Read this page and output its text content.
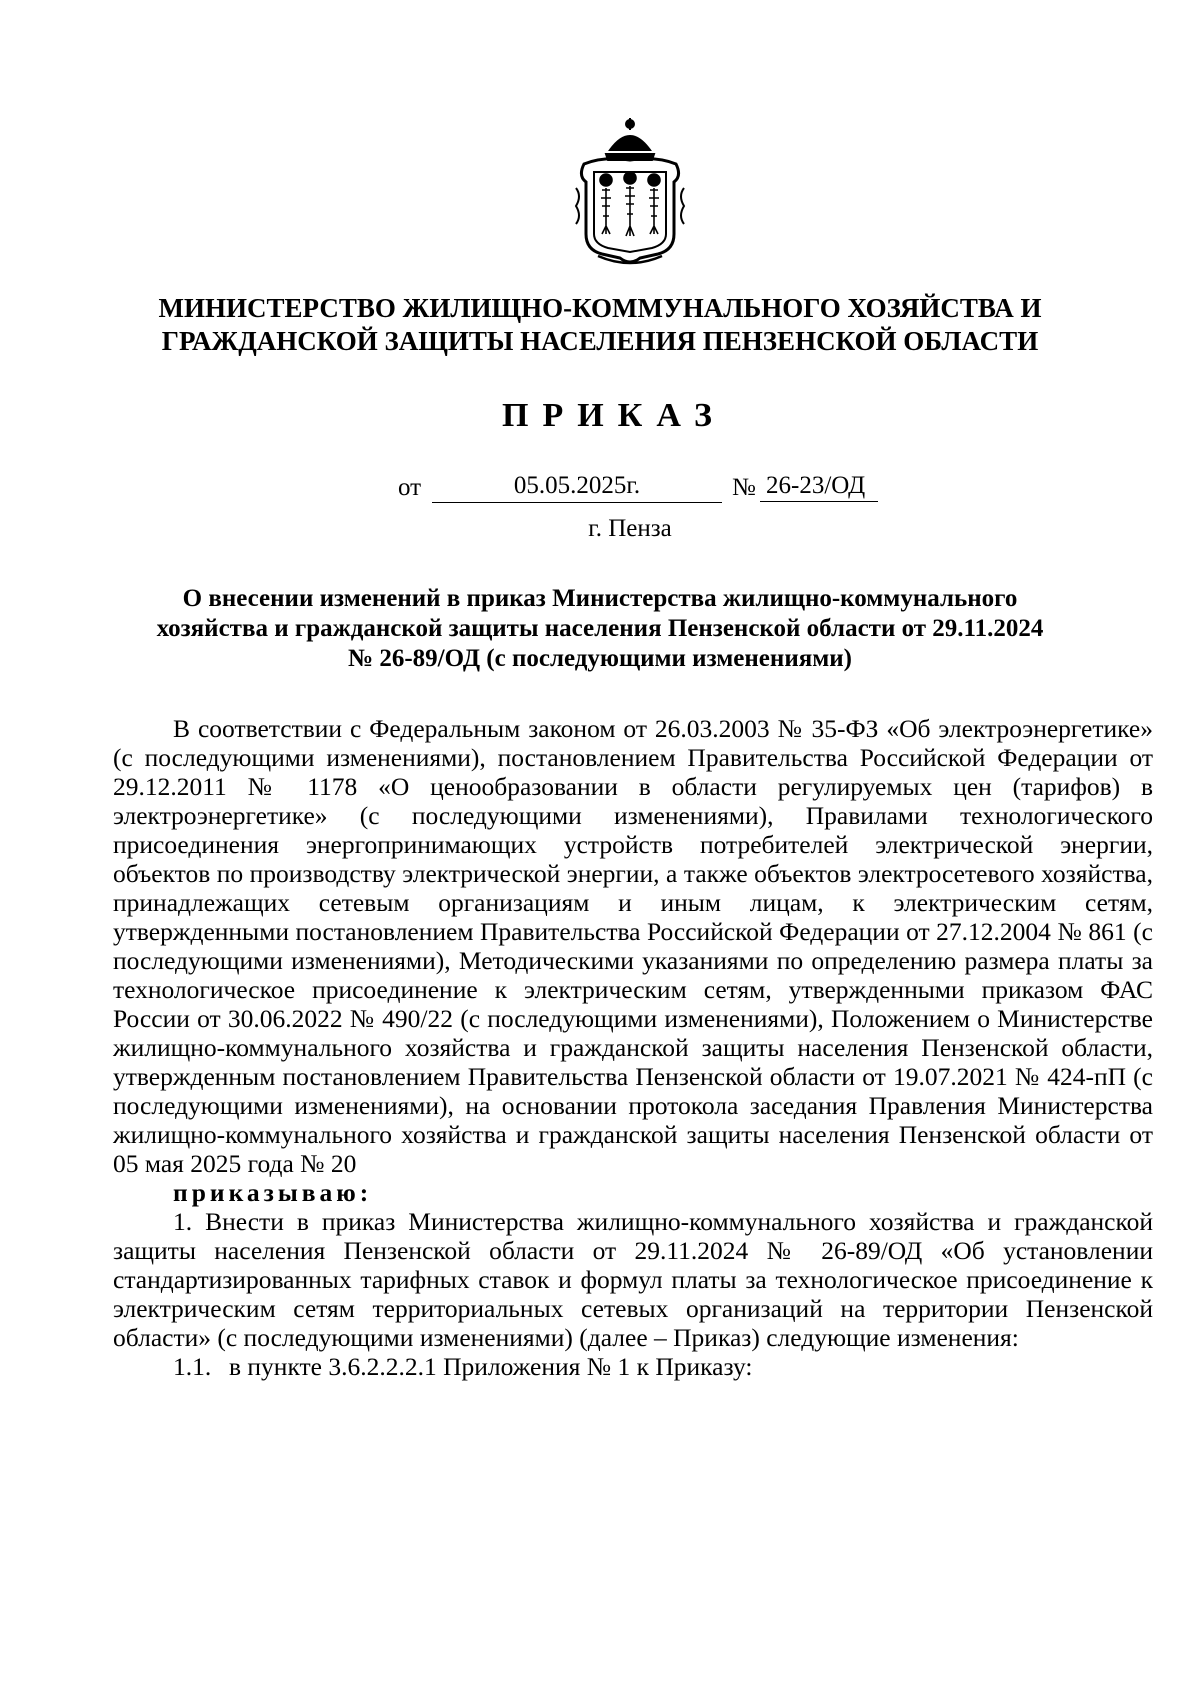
МИНИСТЕРСТВО ЖИЛИЩНО-КОММУНАЛЬНОГО ХОЗЯЙСТВА И
ГРАЖДАНСКОЙ ЗАЩИТЫ НАСЕЛЕНИЯ ПЕНЗЕНСКОЙ ОБЛАСТИ
ПРИКАЗ
от	05.05.2025г.	№ 26-23/ОД
г. Пенза
О внесении изменений в приказ Министерства жилищно-коммунального
хозяйства и гражданской защиты населения Пензенской области от 29.11.2024
№ 26-89/ОД (с последующими изменениями)

В соответствии с Федеральным законом от 26.03.2003 № 35-ФЗ «Об электроэнергетике» (с последующими изменениями), постановлением Правительства Российской Федерации от 29.12.2011 № 1178 «О ценообразовании в области регулируемых цен (тарифов) в электроэнергетике» (с последующими изменениями), Правилами технологического присоединения энергопринимающих устройств потребителей электрической энергии, объектов по производству электрической энергии, а также объектов электросетевого хозяйства, принадлежащих сетевым организациям и иным лицам, к электрическим сетям, утвержденными постановлением Правительства Российской Федерации от 27.12.2004 № 861 (с последующими изменениями), Методическими указаниями по определению размера платы за технологическое присоединение к электрическим сетям, утвержденными приказом ФАС России от 30.06.2022 № 490/22 (с последующими изменениями), Положением о Министерстве жилищно-коммунального хозяйства и гражданской защиты населения Пензенской области, утвержденным постановлением Правительства Пензенской области от 19.07.2021 № 424-пП (с последующими изменениями), на основании протокола заседания Правления Министерства жилищно-коммунального хозяйства и гражданской защиты населения Пензенской области от 05 мая 2025 года № 20

приказываю:

1. Внести в приказ Министерства жилищно-коммунального хозяйства и гражданской защиты населения Пензенской области от 29.11.2024 № 26-89/ОД «Об установлении стандартизированных тарифных ставок и формул платы за технологическое присоединение к электрическим сетям территориальных сетевых организаций на территории Пензенской области» (с последующими изменениями) (далее – Приказ) следующие изменения:

1.1. в пункте 3.6.2.2.2.1 Приложения № 1 к Приказу:
